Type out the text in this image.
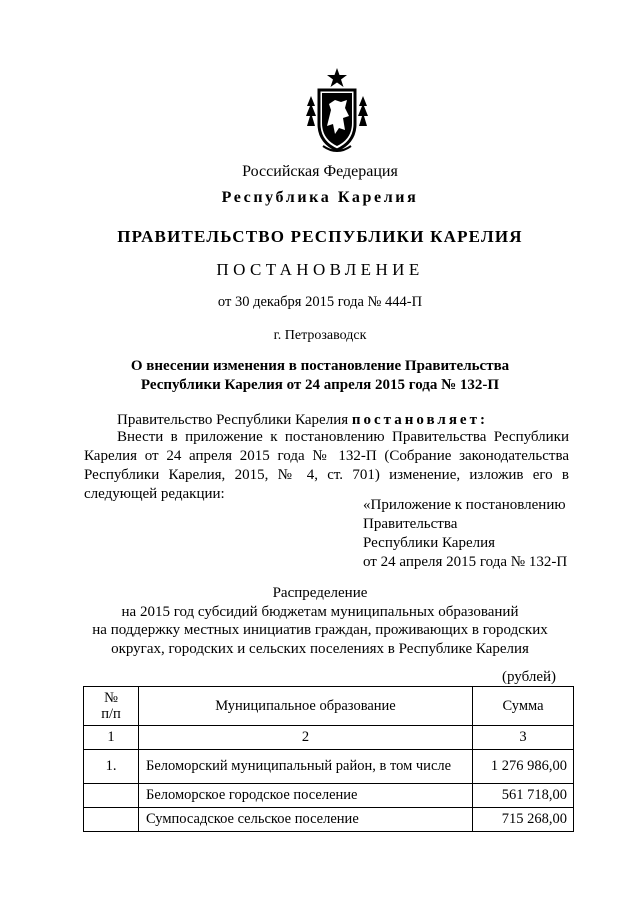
Российская Федерация
Республика Карелия
ПРАВИТЕЛЬСТВО РЕСПУБЛИКИ КАРЕЛИЯ
ПОСТАНОВЛЕНИЕ
от 30 декабря 2015 года № 444-П
г. Петрозаводск
О внесении изменения в постановление Правительства
Республики Карелия от 24 апреля 2015 года № 132-П
Правительство Республики Карелия постановляет:
Внести в приложение к постановлению Правительства Республики Карелия от 24 апреля 2015 года № 132-П (Собрание законодательства Республики Карелия, 2015, № 4, ст. 701) изменение, изложив его в следующей редакции:
«Приложение к постановлению
Правительства
Республики Карелия
от 24 апреля 2015 года № 132-П
Распределение
на 2015 год субсидий бюджетам муниципальных образований
на поддержку местных инициатив граждан, проживающих в городских
округах, городских и сельских поселениях в Республике Карелия
(рублей)
№
п/п	Муниципальное образование	Сумма
1	2	3
1.	Беломорский муниципальный район, в том числе	1 276 986,00
	Беломорское городское поселение	561 718,00
	Сумпосадское сельское поселение	715 268,00
